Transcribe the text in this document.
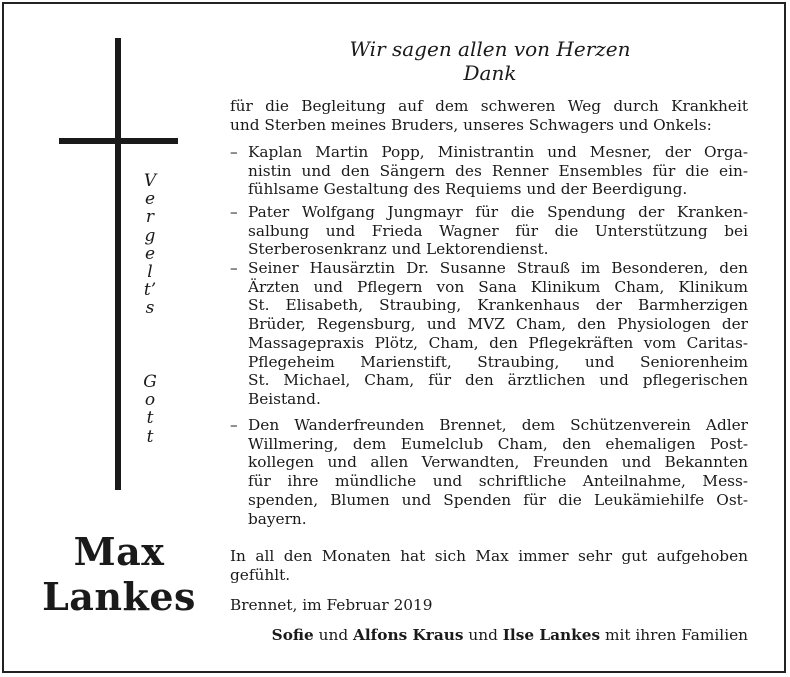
V
e
r
g
e
l
t’
s
G
o
t
t
Max
Lankes
Wir sagen allen von Herzen
Dank
für die Begleitung auf dem schweren Weg durch Krankheit
und Sterben meines Bruders, unseres Schwagers und Onkels:
– Kaplan Martin Popp, Ministrantin und Mesner, der Orga-
nistin und den Sängern des Renner Ensembles für die ein-
fühlsame Gestaltung des Requiems und der Beerdigung.
– Pater Wolfgang Jungmayr für die Spendung der Kranken-
salbung und Frieda Wagner für die Unterstützung bei
Sterberosenkranz und Lektorendienst.
– Seiner Hausärztin Dr. Susanne Strauß im Besonderen, den
Ärzten und Pflegern von Sana Klinikum Cham, Klinikum
St. Elisabeth, Straubing, Krankenhaus der Barmherzigen
Brüder, Regensburg, und MVZ Cham, den Physiologen der
Massagepraxis Plötz, Cham, den Pflegekräften vom Caritas-
Pflegeheim Marienstift, Straubing, und Seniorenheim
St. Michael, Cham, für den ärztlichen und pflegerischen
Beistand.
– Den Wanderfreunden Brennet, dem Schützenverein Adler
Willmering, dem Eumelclub Cham, den ehemaligen Post-
kollegen und allen Verwandten, Freunden und Bekannten
für ihre mündliche und schriftliche Anteilnahme, Mess-
spenden, Blumen und Spenden für die Leukämiehilfe Ost-
bayern.
In all den Monaten hat sich Max immer sehr gut aufgehoben
gefühlt.
Brennet, im Februar 2019
Sofie und Alfons Kraus und Ilse Lankes mit ihren Familien
